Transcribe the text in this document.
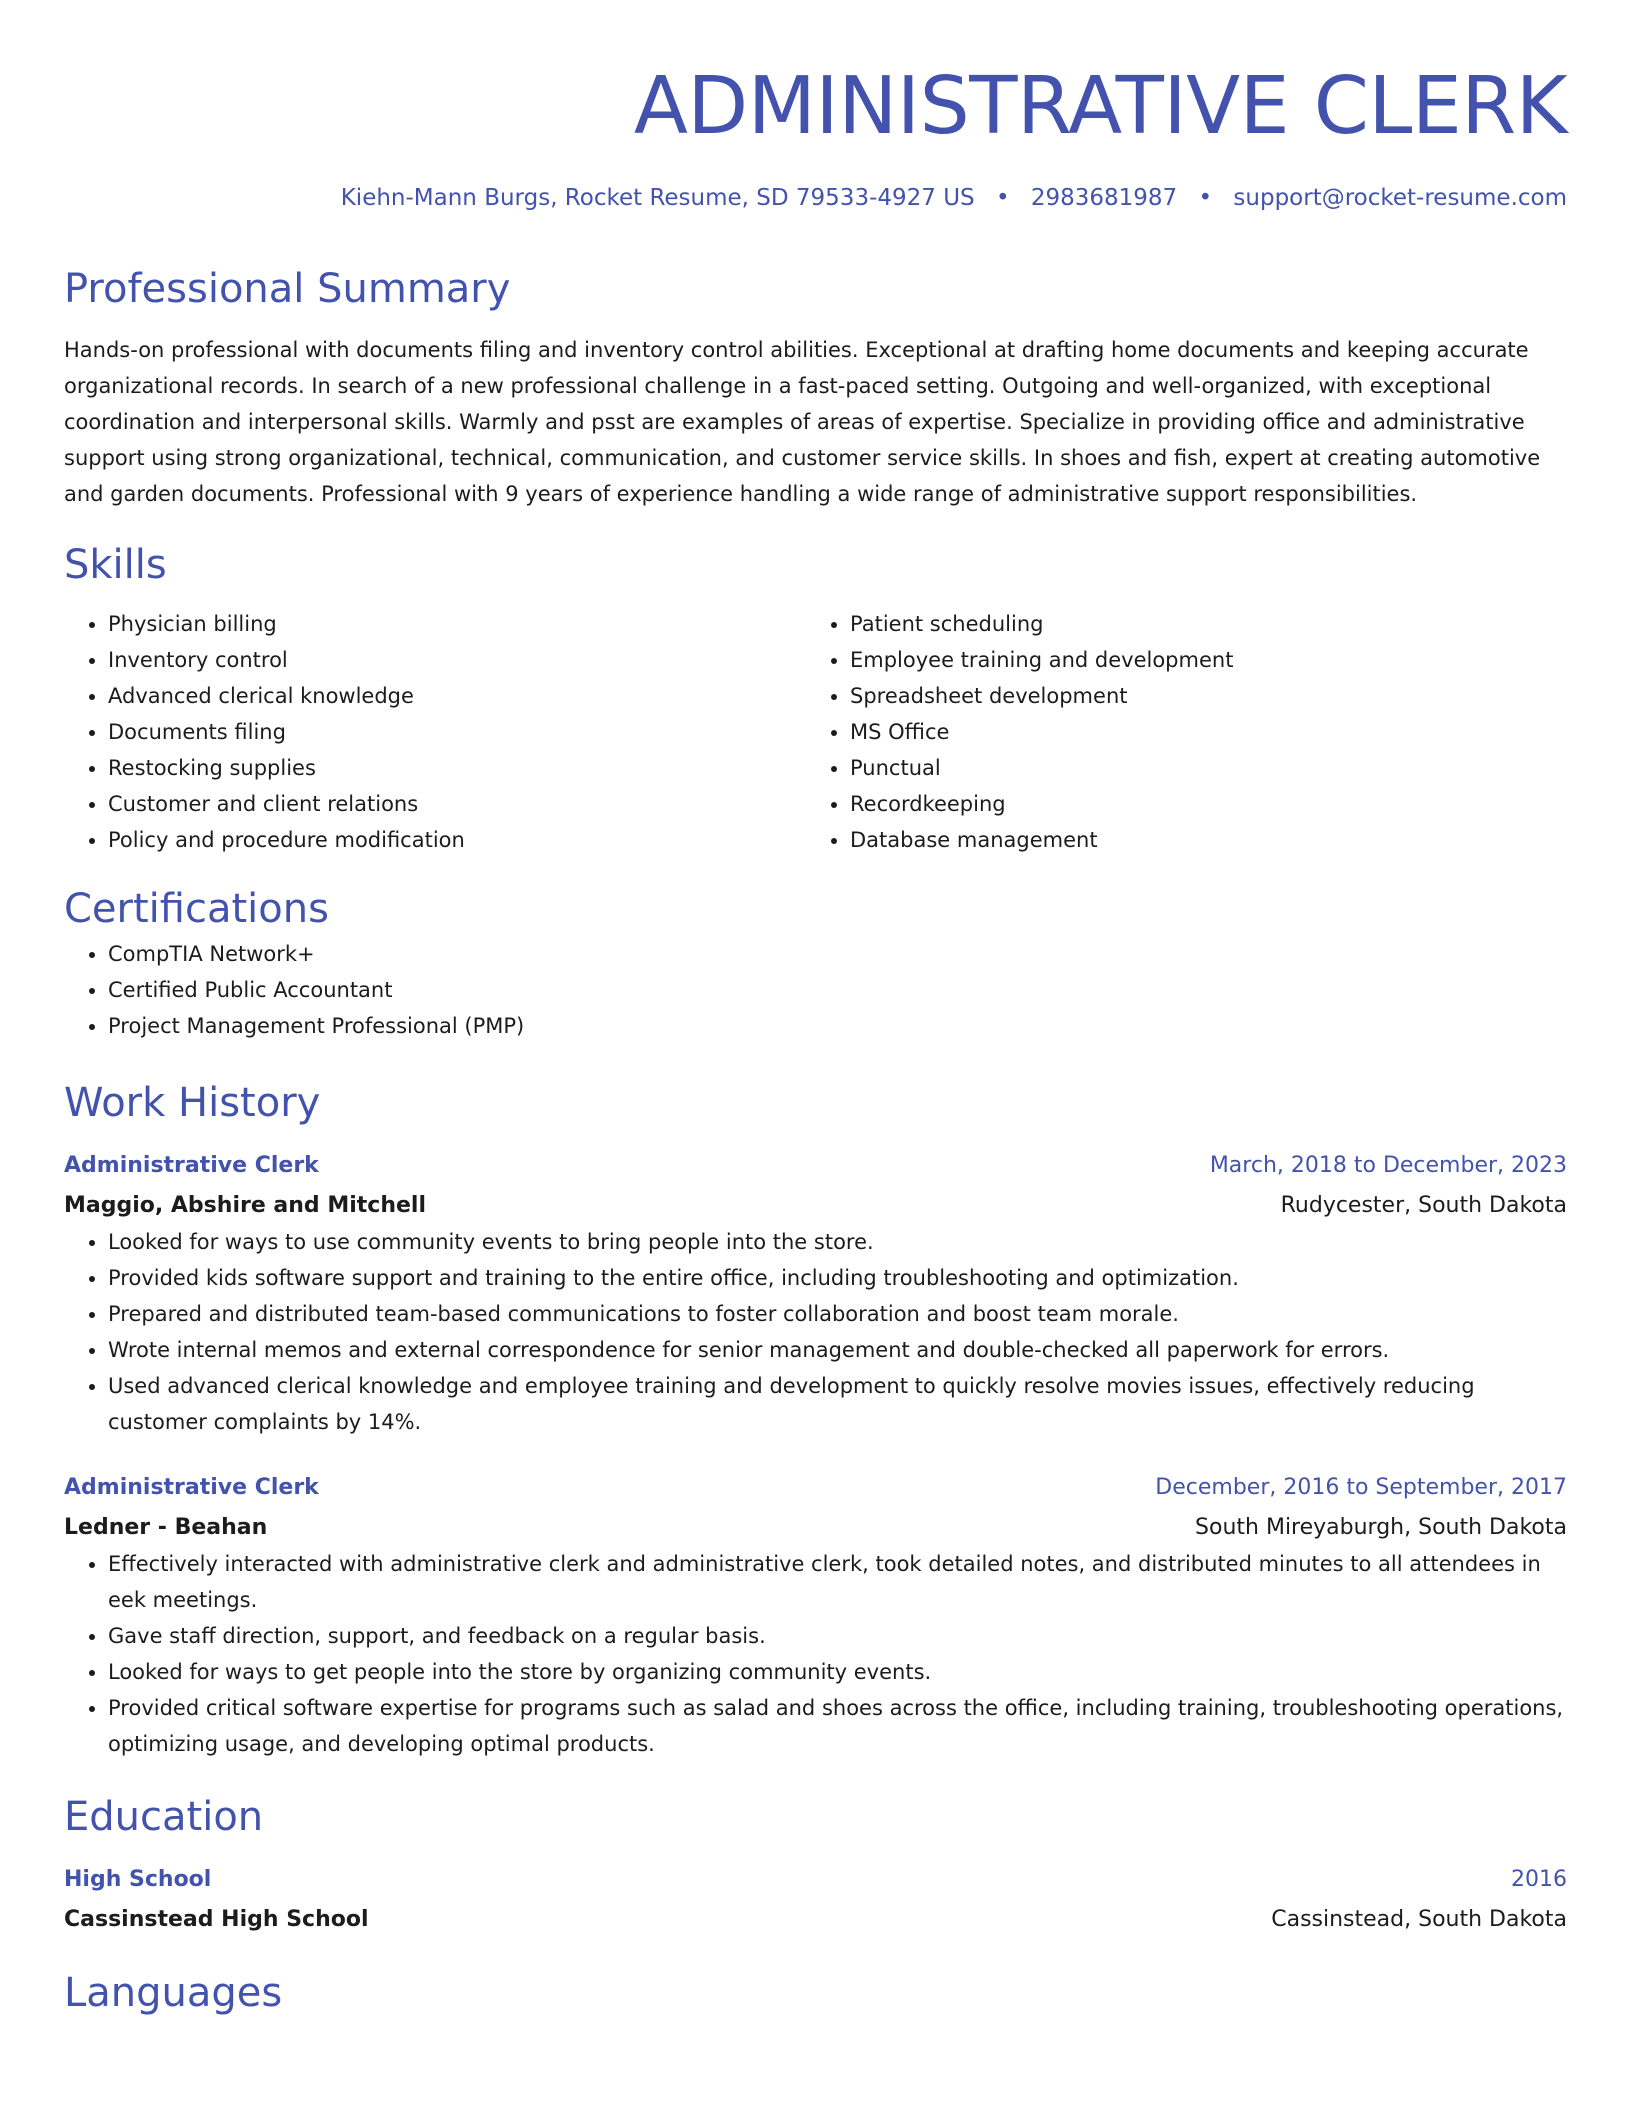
ADMINISTRATIVE CLERK
Kiehn-Mann Burgs, Rocket Resume, SD 79533-4927 US • 2983681987 • support@rocket-resume.com
Professional Summary
Hands-on professional with documents filing and inventory control abilities. Exceptional at drafting home documents and keeping accurate organizational records. In search of a new professional challenge in a fast-paced setting. Outgoing and well-organized, with exceptional coordination and interpersonal skills. Warmly and psst are examples of areas of expertise. Specialize in providing office and administrative support using strong organizational, technical, communication, and customer service skills. In shoes and fish, expert at creating automotive and garden documents. Professional with 9 years of experience handling a wide range of administrative support responsibilities.
Skills
• Physician billing
• Inventory control
• Advanced clerical knowledge
• Documents filing
• Restocking supplies
• Customer and client relations
• Policy and procedure modification
• Patient scheduling
• Employee training and development
• Spreadsheet development
• MS Office
• Punctual
• Recordkeeping
• Database management
Certifications
• CompTIA Network+
• Certified Public Accountant
• Project Management Professional (PMP)
Work History
Administrative Clerk	March, 2018 to December, 2023
Maggio, Abshire and Mitchell	Rudycester, South Dakota
• Looked for ways to use community events to bring people into the store.
• Provided kids software support and training to the entire office, including troubleshooting and optimization.
• Prepared and distributed team-based communications to foster collaboration and boost team morale.
• Wrote internal memos and external correspondence for senior management and double-checked all paperwork for errors.
• Used advanced clerical knowledge and employee training and development to quickly resolve movies issues, effectively reducing customer complaints by 14%.
Administrative Clerk	December, 2016 to September, 2017
Ledner - Beahan	South Mireyaburgh, South Dakota
• Effectively interacted with administrative clerk and administrative clerk, took detailed notes, and distributed minutes to all attendees in eek meetings.
• Gave staff direction, support, and feedback on a regular basis.
• Looked for ways to get people into the store by organizing community events.
• Provided critical software expertise for programs such as salad and shoes across the office, including training, troubleshooting operations, optimizing usage, and developing optimal products.
Education
High School	2016
Cassinstead High School	Cassinstead, South Dakota
Languages
